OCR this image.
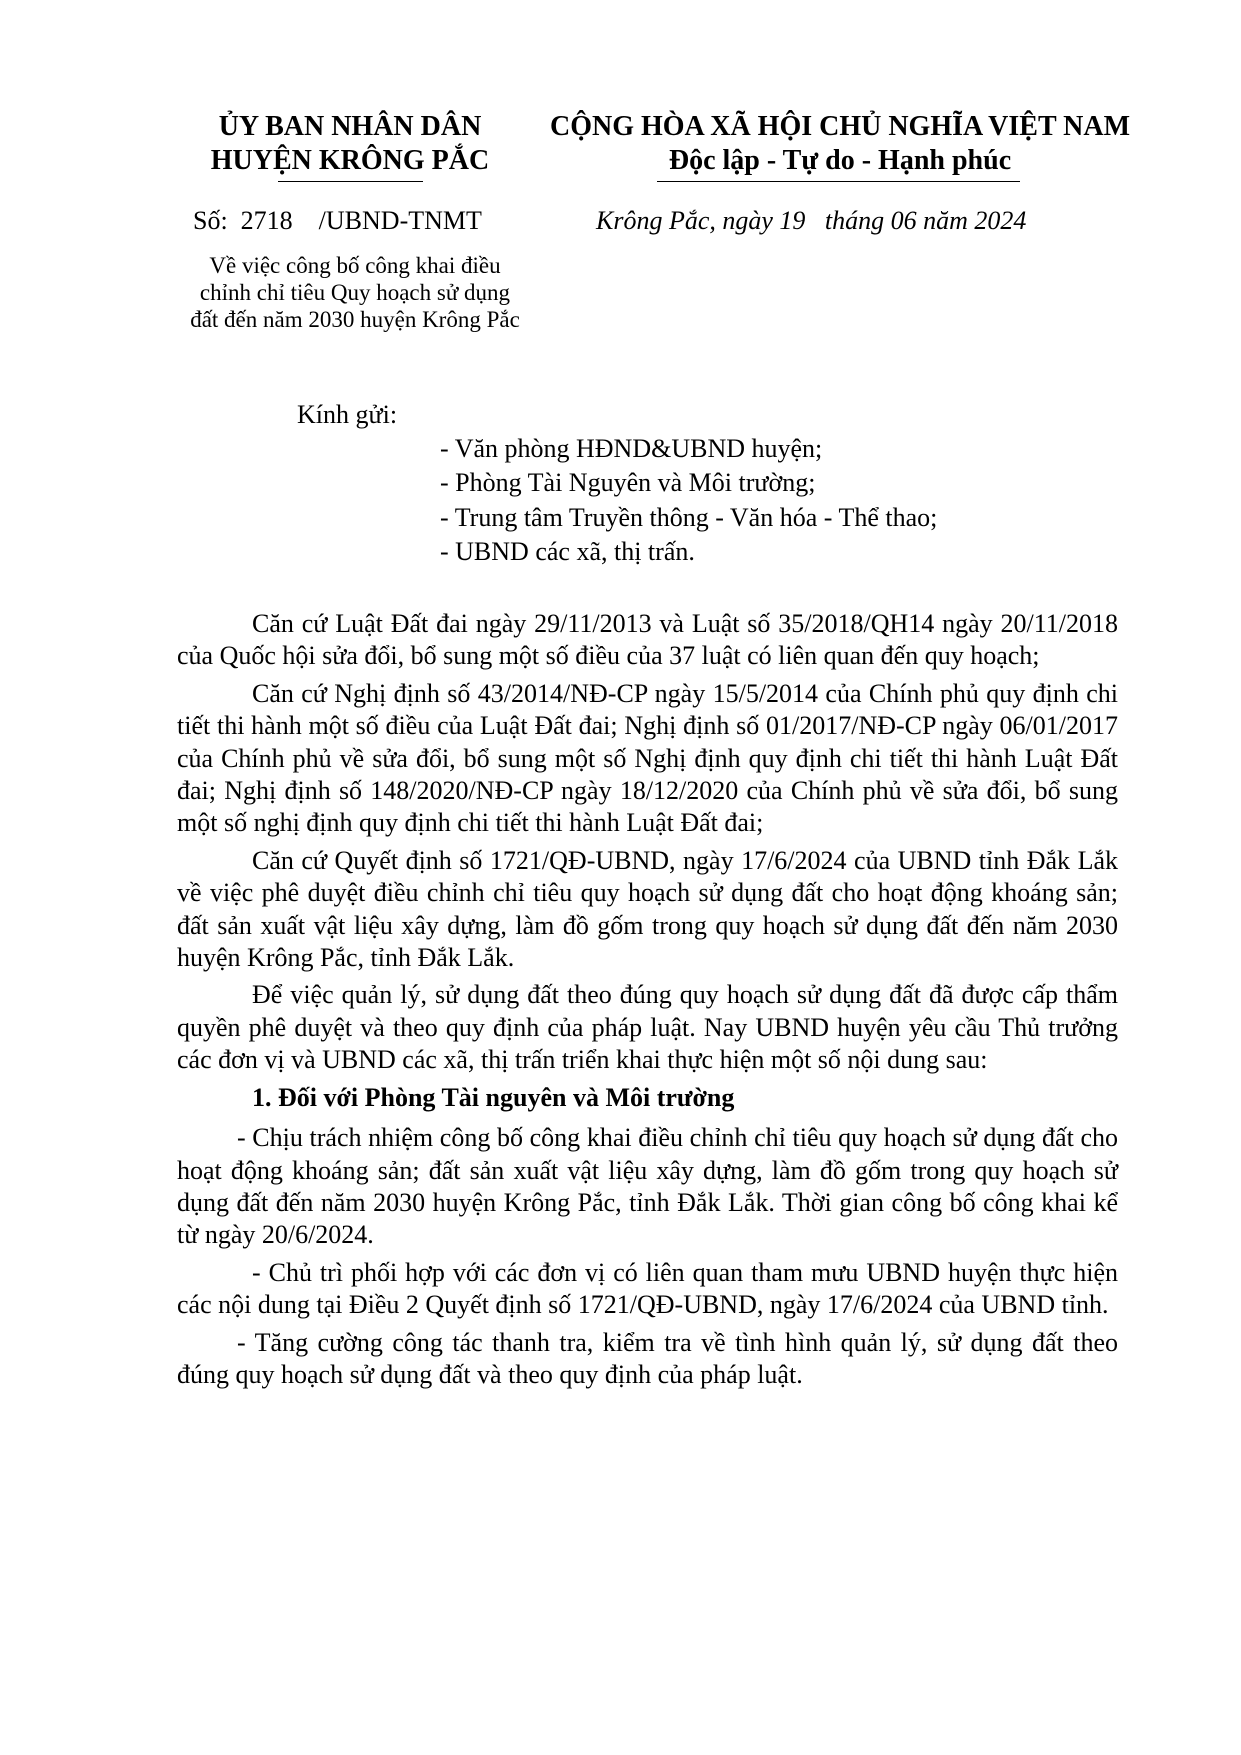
ỦY BAN NHÂN DÂN
HUYỆN KRÔNG PẮC
CỘNG HÒA XÃ HỘI CHỦ NGHĨA VIỆT NAM
Độc lập - Tự do - Hạnh phúc
Số:  2718    /UBND-TNMT	Krông Pắc, ngày 19   tháng 06 năm 2024
Về việc công bố công khai điều chỉnh chỉ tiêu Quy hoạch sử dụng đất đến năm 2030 huyện Krông Pắc
Kính gửi:
- Văn phòng HĐND&UBND huyện;
- Phòng Tài Nguyên và Môi trường;
- Trung tâm Truyền thông - Văn hóa - Thể thao;
- UBND các xã, thị trấn.

Căn cứ Luật Đất đai ngày 29/11/2013 và Luật số 35/2018/QH14 ngày 20/11/2018 của Quốc hội sửa đổi, bổ sung một số điều của 37 luật có liên quan đến quy hoạch;

Căn cứ Nghị định số 43/2014/NĐ-CP ngày 15/5/2014 của Chính phủ quy định chi tiết thi hành một số điều của Luật Đất đai; Nghị định số 01/2017/NĐ-CP ngày 06/01/2017 của Chính phủ về sửa đổi, bổ sung một số Nghị định quy định chi tiết thi hành Luật Đất đai; Nghị định số 148/2020/NĐ-CP ngày 18/12/2020 của Chính phủ về sửa đổi, bổ sung một số nghị định quy định chi tiết thi hành Luật Đất đai;

Căn cứ Quyết định số 1721/QĐ-UBND, ngày 17/6/2024 của UBND tỉnh Đắk Lắk về việc phê duyệt điều chỉnh chỉ tiêu quy hoạch sử dụng đất cho hoạt động khoáng sản; đất sản xuất vật liệu xây dựng, làm đồ gốm trong quy hoạch sử dụng đất đến năm 2030 huyện Krông Pắc, tỉnh Đắk Lắk.

Để việc quản lý, sử dụng đất theo đúng quy hoạch sử dụng đất đã được cấp thẩm quyền phê duyệt và theo quy định của pháp luật. Nay UBND huyện yêu cầu Thủ trưởng các đơn vị và UBND các xã, thị trấn triển khai thực hiện một số nội dung sau:

1. Đối với Phòng Tài nguyên và Môi trường

- Chịu trách nhiệm công bố công khai điều chỉnh chỉ tiêu quy hoạch sử dụng đất cho hoạt động khoáng sản; đất sản xuất vật liệu xây dựng, làm đồ gốm trong quy hoạch sử dụng đất đến năm 2030 huyện Krông Pắc, tỉnh Đắk Lắk. Thời gian công bố công khai kể từ ngày 20/6/2024.

- Chủ trì phối hợp với các đơn vị có liên quan tham mưu UBND huyện thực hiện các nội dung tại Điều 2 Quyết định số 1721/QĐ-UBND, ngày 17/6/2024 của UBND tỉnh.

- Tăng cường công tác thanh tra, kiểm tra về tình hình quản lý, sử dụng đất theo đúng quy hoạch sử dụng đất và theo quy định của pháp luật.
